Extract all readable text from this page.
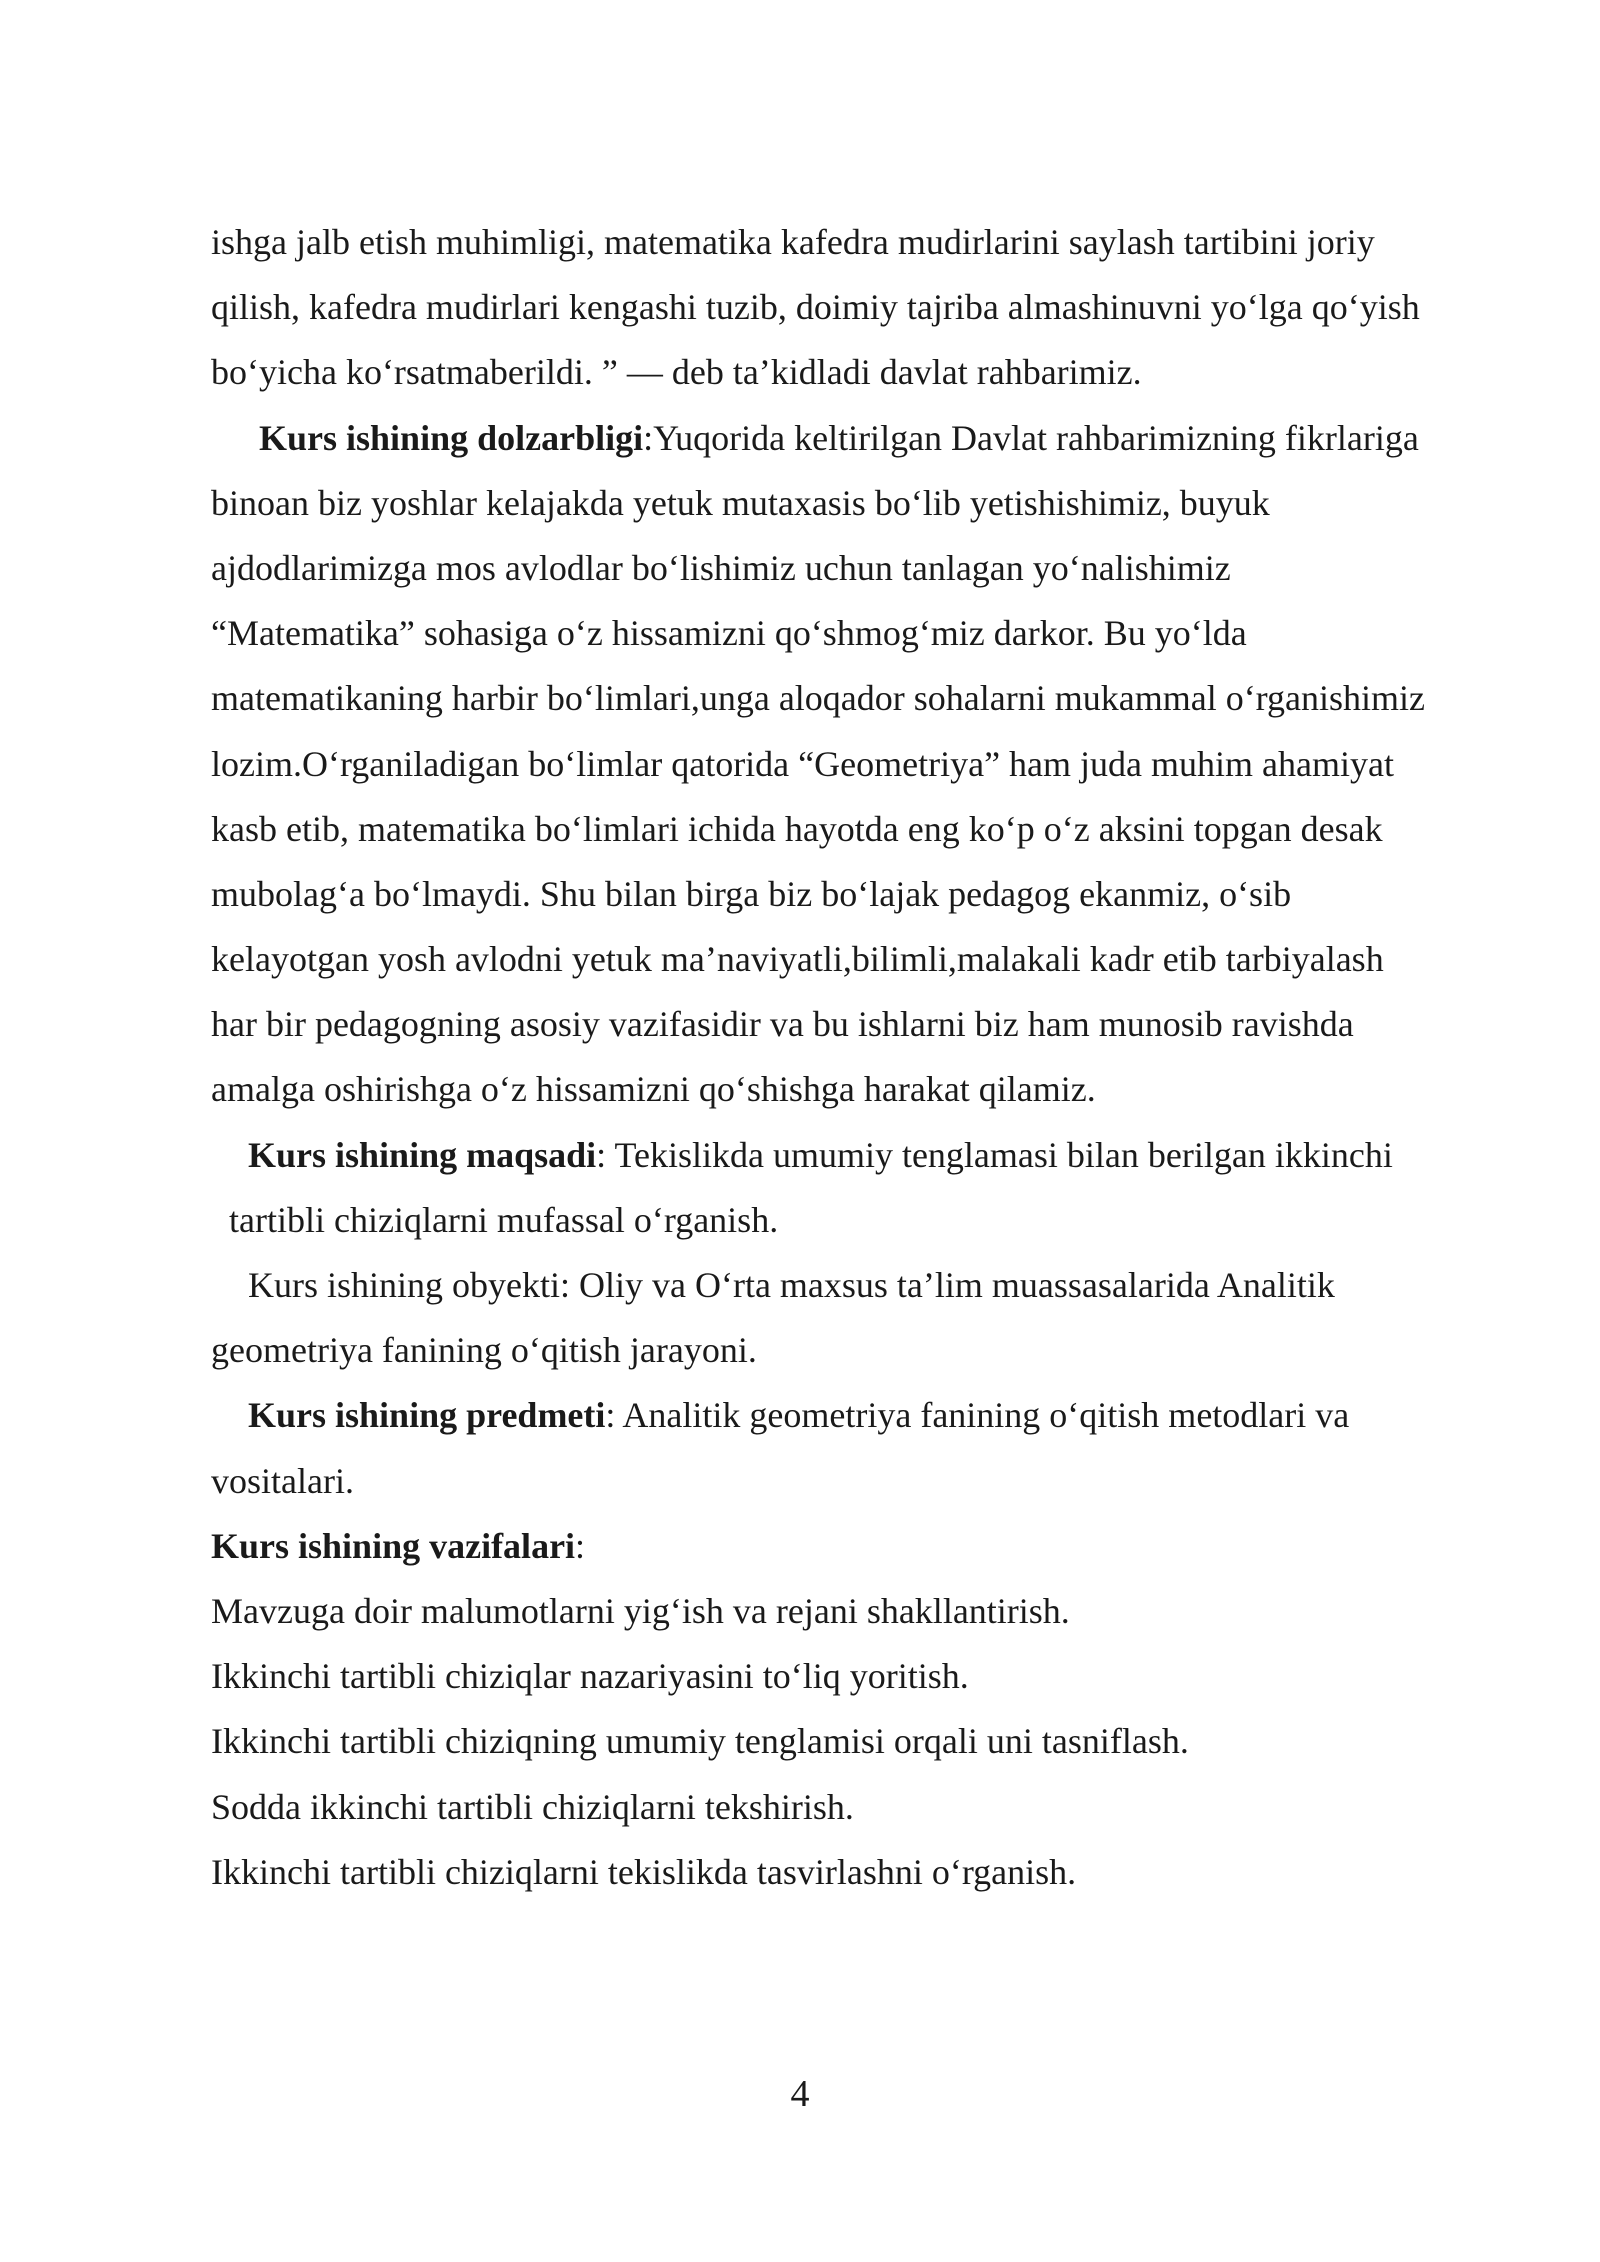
ishga jalb etish muhimligi, matematika kafedra mudirlarini saylash tartibini joriy
qilish, kafedra mudirlari kengashi tuzib, doimiy tajriba almashinuvni yo‘lga qo‘yish
bo‘yicha ko‘rsatmaberildi. ” — deb ta’kidladi davlat rahbarimiz.
Kurs ishining dolzarbligi:Yuqorida keltirilgan Davlat rahbarimizning fikrlariga
binoan biz yoshlar kelajakda yetuk mutaxasis bo‘lib yetishishimiz, buyuk
ajdodlarimizga mos avlodlar bo‘lishimiz uchun tanlagan yo‘nalishimiz
“Matematika” sohasiga o‘z hissamizni qo‘shmog‘miz darkor. Bu yo‘lda
matematikaning harbir bo‘limlari,unga aloqador sohalarni mukammal o‘rganishimiz
lozim.O‘rganiladigan bo‘limlar qatorida “Geometriya” ham juda muhim ahamiyat
kasb etib, matematika bo‘limlari ichida hayotda eng ko‘p o‘z aksini topgan desak
mubolag‘a bo‘lmaydi. Shu bilan birga biz bo‘lajak pedagog ekanmiz, o‘sib
kelayotgan yosh avlodni yetuk ma’naviyatli,bilimli,malakali kadr etib tarbiyalash
har bir pedagogning asosiy vazifasidir va bu ishlarni biz ham munosib ravishda
amalga oshirishga o‘z hissamizni qo‘shishga harakat qilamiz.
Kurs ishining maqsadi: Tekislikda umumiy tenglamasi bilan berilgan ikkinchi
tartibli chiziqlarni mufassal o‘rganish.
Kurs ishining obyekti: Oliy va O‘rta maxsus ta’lim muassasalarida Analitik
geometriya fanining o‘qitish jarayoni.
Kurs ishining predmeti: Analitik geometriya fanining o‘qitish metodlari va
vositalari.
Kurs ishining vazifalari:
Mavzuga doir malumotlarni yig‘ish va rejani shakllantirish.
Ikkinchi tartibli chiziqlar nazariyasini to‘liq yoritish.
Ikkinchi tartibli chiziqning umumiy tenglamisi orqali uni tasniflash.
Sodda ikkinchi tartibli chiziqlarni tekshirish.
Ikkinchi tartibli chiziqlarni tekislikda tasvirlashni o‘rganish.
4
